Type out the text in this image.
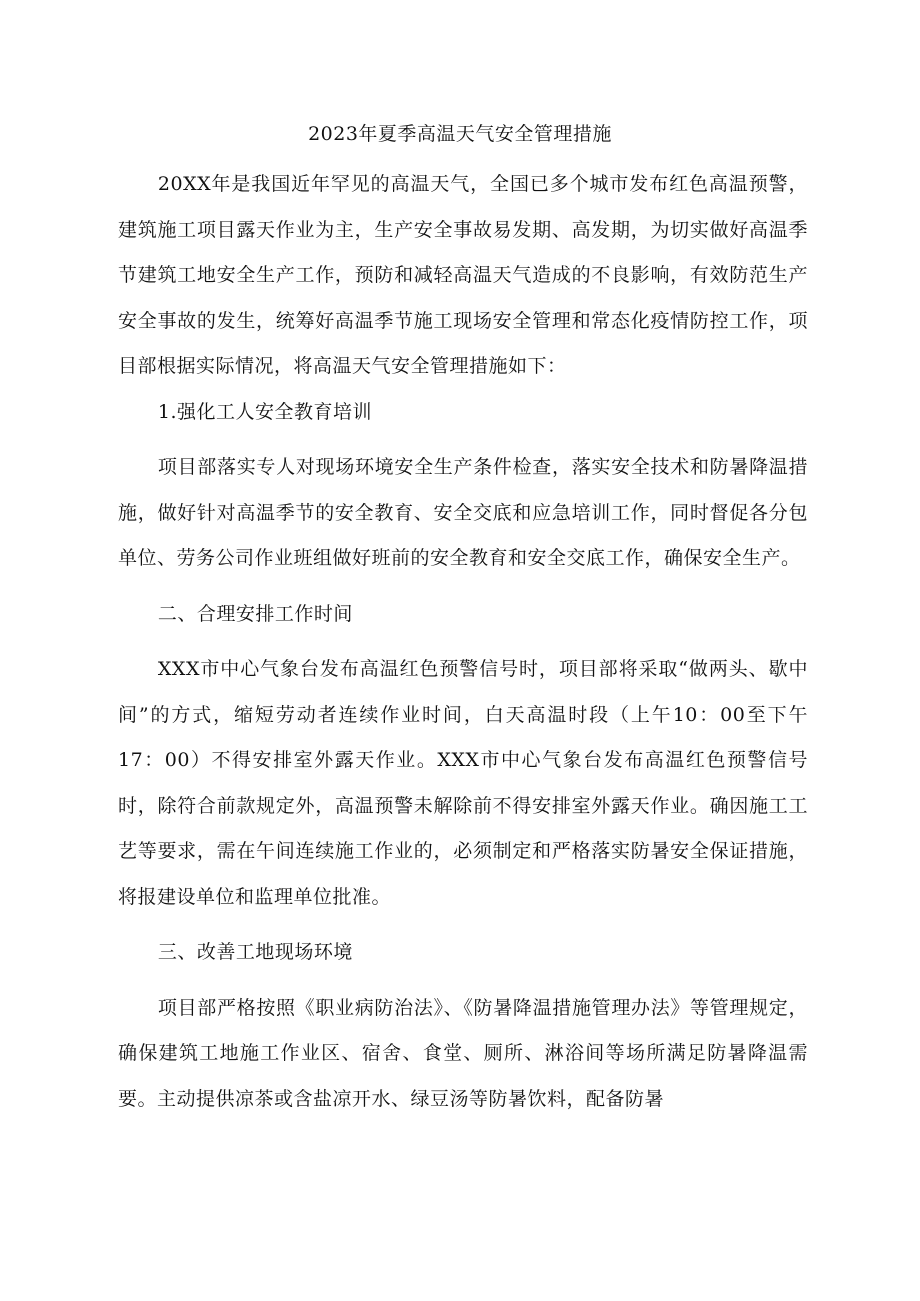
2023年夏季高温天气安全管理措施

20XX年是我国近年罕见的高温天气，全国已多个城市发布红色高温预警，建筑施工项目露天作业为主，生产安全事故易发期、高发期，为切实做好高温季节建筑工地安全生产工作，预防和减轻高温天气造成的不良影响，有效防范生产安全事故的发生，统筹好高温季节施工现场安全管理和常态化疫情防控工作，项目部根据实际情况，将高温天气安全管理措施如下：

1.强化工人安全教育培训

项目部落实专人对现场环境安全生产条件检查，落实安全技术和防暑降温措施，做好针对高温季节的安全教育、安全交底和应急培训工作，同时督促各分包单位、劳务公司作业班组做好班前的安全教育和安全交底工作，确保安全生产。

二、合理安排工作时间

XXX市中心气象台发布高温红色预警信号时，项目部将采取“做两头、歇中间”的方式，缩短劳动者连续作业时间，白天高温时段（上午10：00至下午17：00）不得安排室外露天作业。XXX市中心气象台发布高温红色预警信号时，除符合前款规定外，高温预警未解除前不得安排室外露天作业。确因施工工艺等要求，需在午间连续施工作业的，必须制定和严格落实防暑安全保证措施，将报建设单位和监理单位批准。

三、改善工地现场环境

项目部严格按照《职业病防治法》、《防暑降温措施管理办法》等管理规定，确保建筑工地施工作业区、宿舍、食堂、厕所、淋浴间等场所满足防暑降温需要。主动提供凉茶或含盐凉开水、绿豆汤等防暑饮料，配备防暑
